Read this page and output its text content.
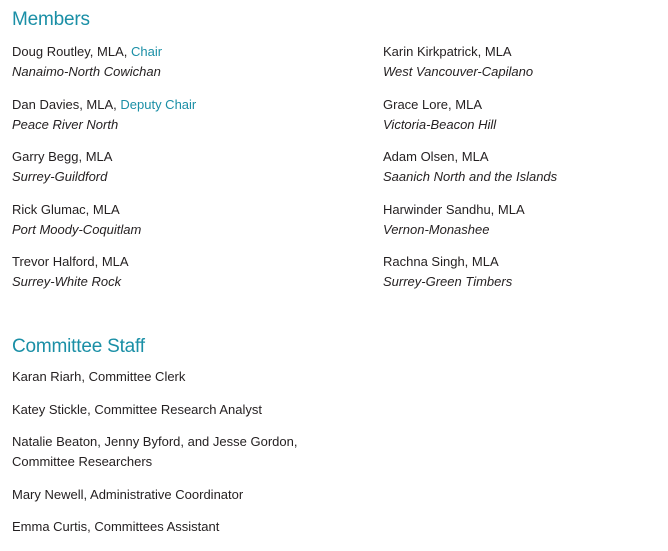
Members
Doug Routley, MLA, Chair
Nanaimo-North Cowichan
Dan Davies, MLA, Deputy Chair
Peace River North
Garry Begg, MLA
Surrey-Guildford
Rick Glumac, MLA
Port Moody-Coquitlam
Trevor Halford, MLA
Surrey-White Rock
Karin Kirkpatrick, MLA
West Vancouver-Capilano
Grace Lore, MLA
Victoria-Beacon Hill
Adam Olsen, MLA
Saanich North and the Islands
Harwinder Sandhu, MLA
Vernon-Monashee
Rachna Singh, MLA
Surrey-Green Timbers
Committee Staff
Karan Riarh, Committee Clerk
Katey Stickle, Committee Research Analyst
Natalie Beaton, Jenny Byford, and Jesse Gordon,
Committee Researchers
Mary Newell, Administrative Coordinator
Emma Curtis, Committees Assistant
